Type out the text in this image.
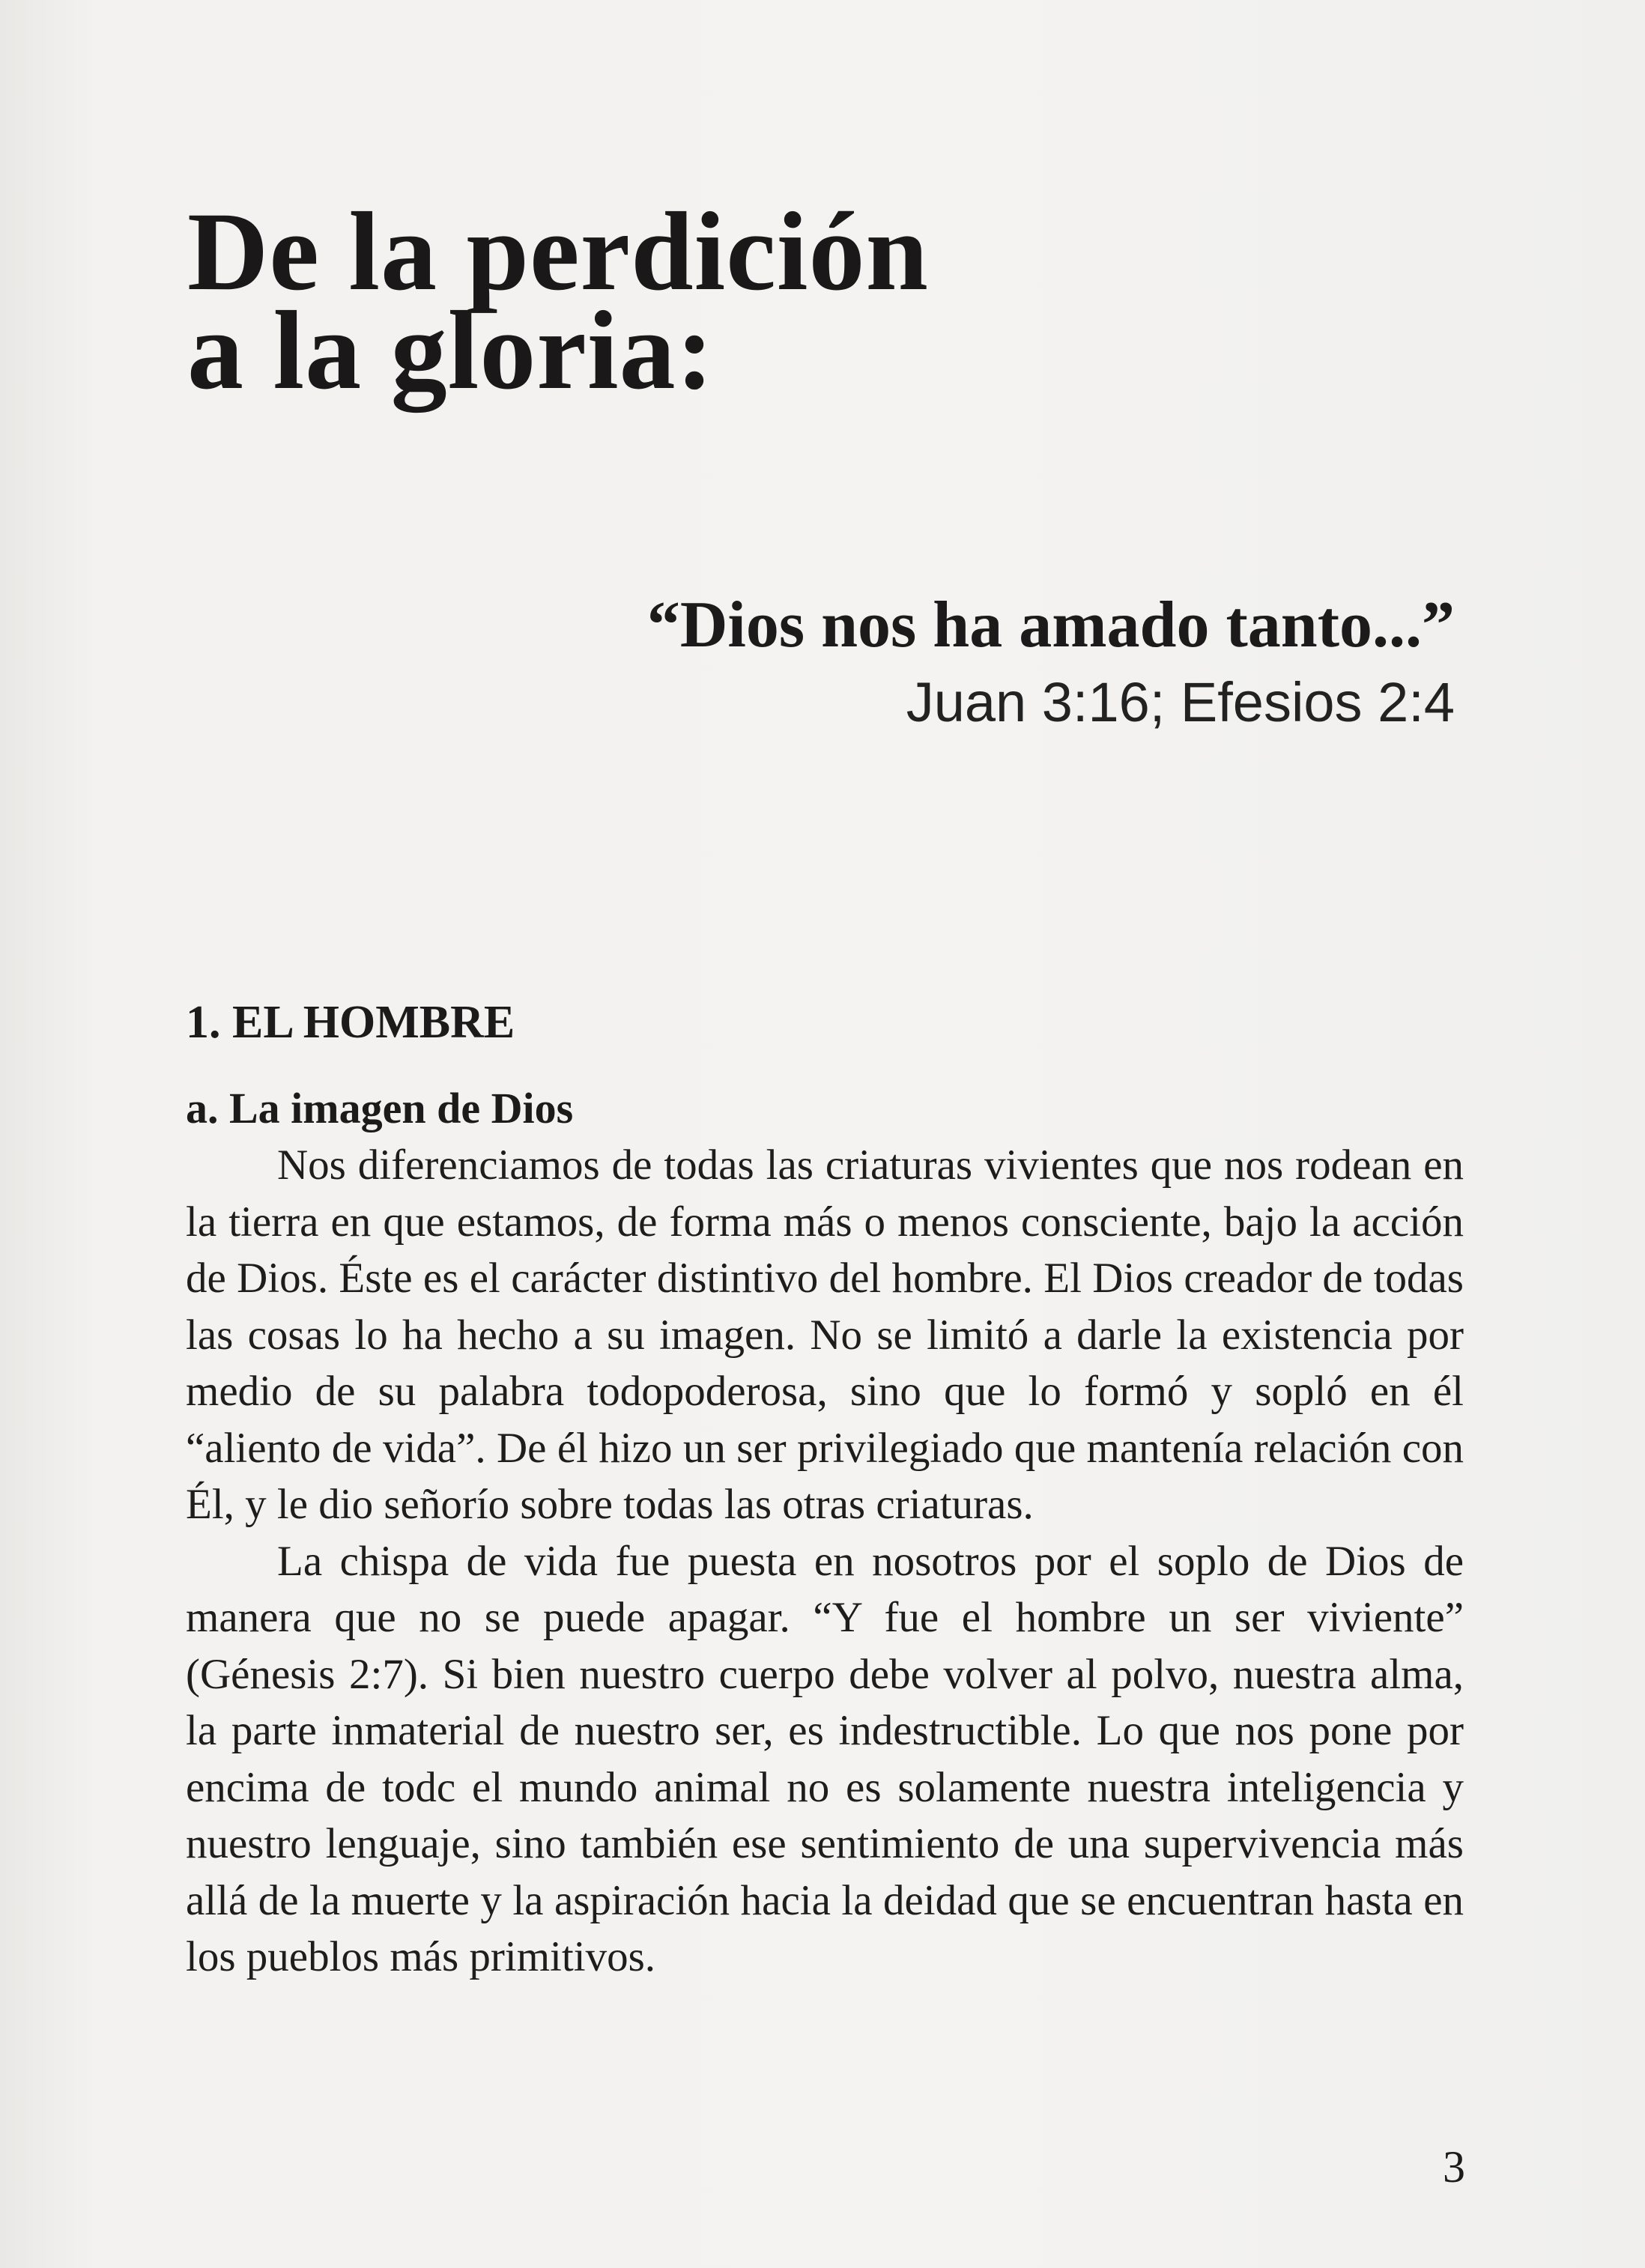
De la perdición
a la gloria:
“Dios nos ha amado tanto...”
Juan 3:16; Efesios 2:4
1. EL HOMBRE
a. La imagen de Dios

Nos diferenciamos de todas las criaturas vivientes que nos rodean en la tierra en que estamos, de forma más o menos consciente, bajo la acción de Dios. Éste es el carácter distintivo del hombre. El Dios creador de todas las cosas lo ha hecho a su imagen. No se limitó a darle la existencia por medio de su palabra todopoderosa, sino que lo formó y sopló en él “aliento de vida”. De él hizo un ser privilegiado que mantenía relación con Él, y le dio señorío sobre todas las otras criaturas.

La chispa de vida fue puesta en nosotros por el soplo de Dios de manera que no se puede apagar. “Y fue el hombre un ser viviente” (Génesis 2:7). Si bien nuestro cuerpo debe volver al polvo, nuestra alma, la parte inmaterial de nuestro ser, es indestructible. Lo que nos pone por encima de todc el mundo animal no es solamente nuestra inteligencia y nuestro lenguaje, sino también ese sentimiento de una supervivencia más allá de la muerte y la aspiración hacia la deidad que se encuentran hasta en los pueblos más primitivos.

3
